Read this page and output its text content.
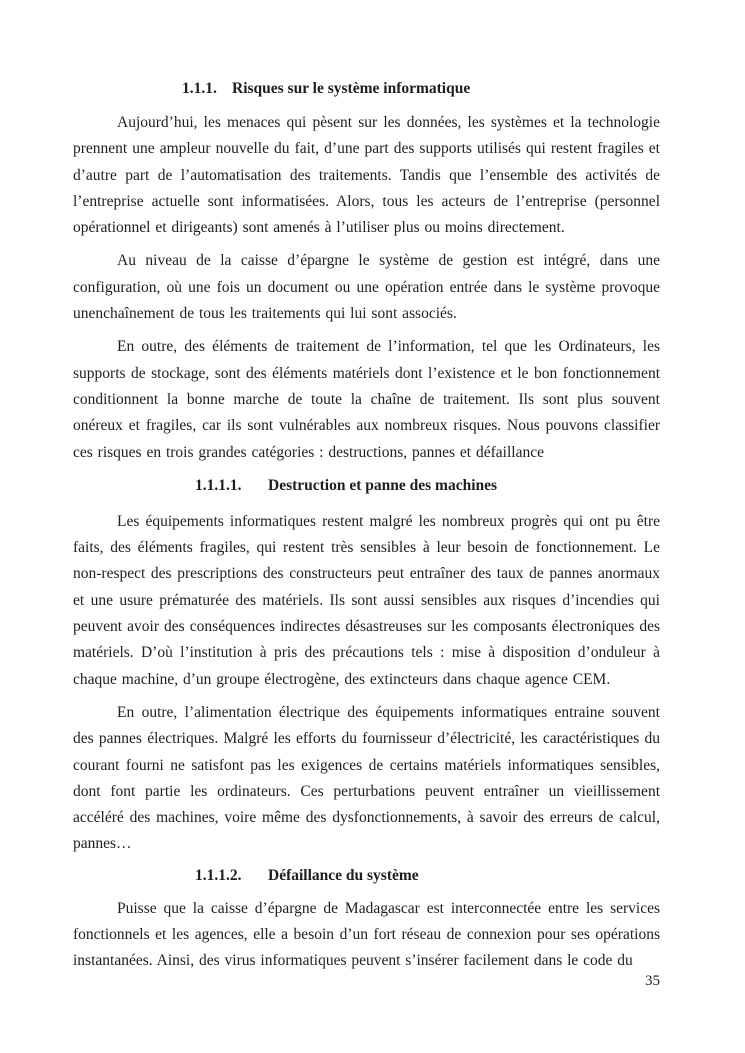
1.1.1. Risques sur le système informatique

Aujourd’hui, les menaces qui pèsent sur les données, les systèmes et la technologie prennent une ampleur nouvelle du fait, d’une part des supports utilisés qui restent fragiles et d’autre part de l’automatisation des traitements. Tandis que l’ensemble des activités de l’entreprise actuelle sont informatisées. Alors, tous les acteurs de l’entreprise (personnel opérationnel et dirigeants) sont amenés à l’utiliser plus ou moins directement.

Au niveau de la caisse d’épargne le système de gestion est intégré, dans une configuration, où une fois un document ou une opération entrée dans le système provoque unenchaînement de tous les traitements qui lui sont associés.

En outre, des éléments de traitement de l’information, tel que les Ordinateurs, les supports de stockage, sont des éléments matériels dont l’existence et le bon fonctionnement conditionnent la bonne marche de toute la chaîne de traitement. Ils sont plus souvent onéreux et fragiles, car ils sont vulnérables aux nombreux risques. Nous pouvons classifier ces risques en trois grandes catégories : destructions, pannes et défaillance

1.1.1.1. Destruction et panne des machines

Les équipements informatiques restent malgré les nombreux progrès qui ont pu être faits, des éléments fragiles, qui restent très sensibles à leur besoin de fonctionnement. Le non-respect des prescriptions des constructeurs peut entraîner des taux de pannes anormaux et une usure prématurée des matériels. Ils sont aussi sensibles aux risques d’incendies qui peuvent avoir des conséquences indirectes désastreuses sur les composants électroniques des matériels. D’où l’institution à pris des précautions tels : mise à disposition d’onduleur à chaque machine, d’un groupe électrogène, des extincteurs dans chaque agence CEM.

En outre, l’alimentation électrique des équipements informatiques entraine souvent des pannes électriques. Malgré les efforts du fournisseur d’électricité, les caractéristiques du courant fourni ne satisfont pas les exigences de certains matériels informatiques sensibles, dont font partie les ordinateurs. Ces perturbations peuvent entraîner un vieillissement accéléré des machines, voire même des dysfonctionnements, à savoir des erreurs de calcul, pannes…

1.1.1.2. Défaillance du système

Puisse que la caisse d’épargne de Madagascar est interconnectée entre les services fonctionnels et les agences, elle a besoin d’un fort réseau de connexion pour ses opérations instantanées. Ainsi, des virus informatiques peuvent s’insérer facilement dans le code du

35
